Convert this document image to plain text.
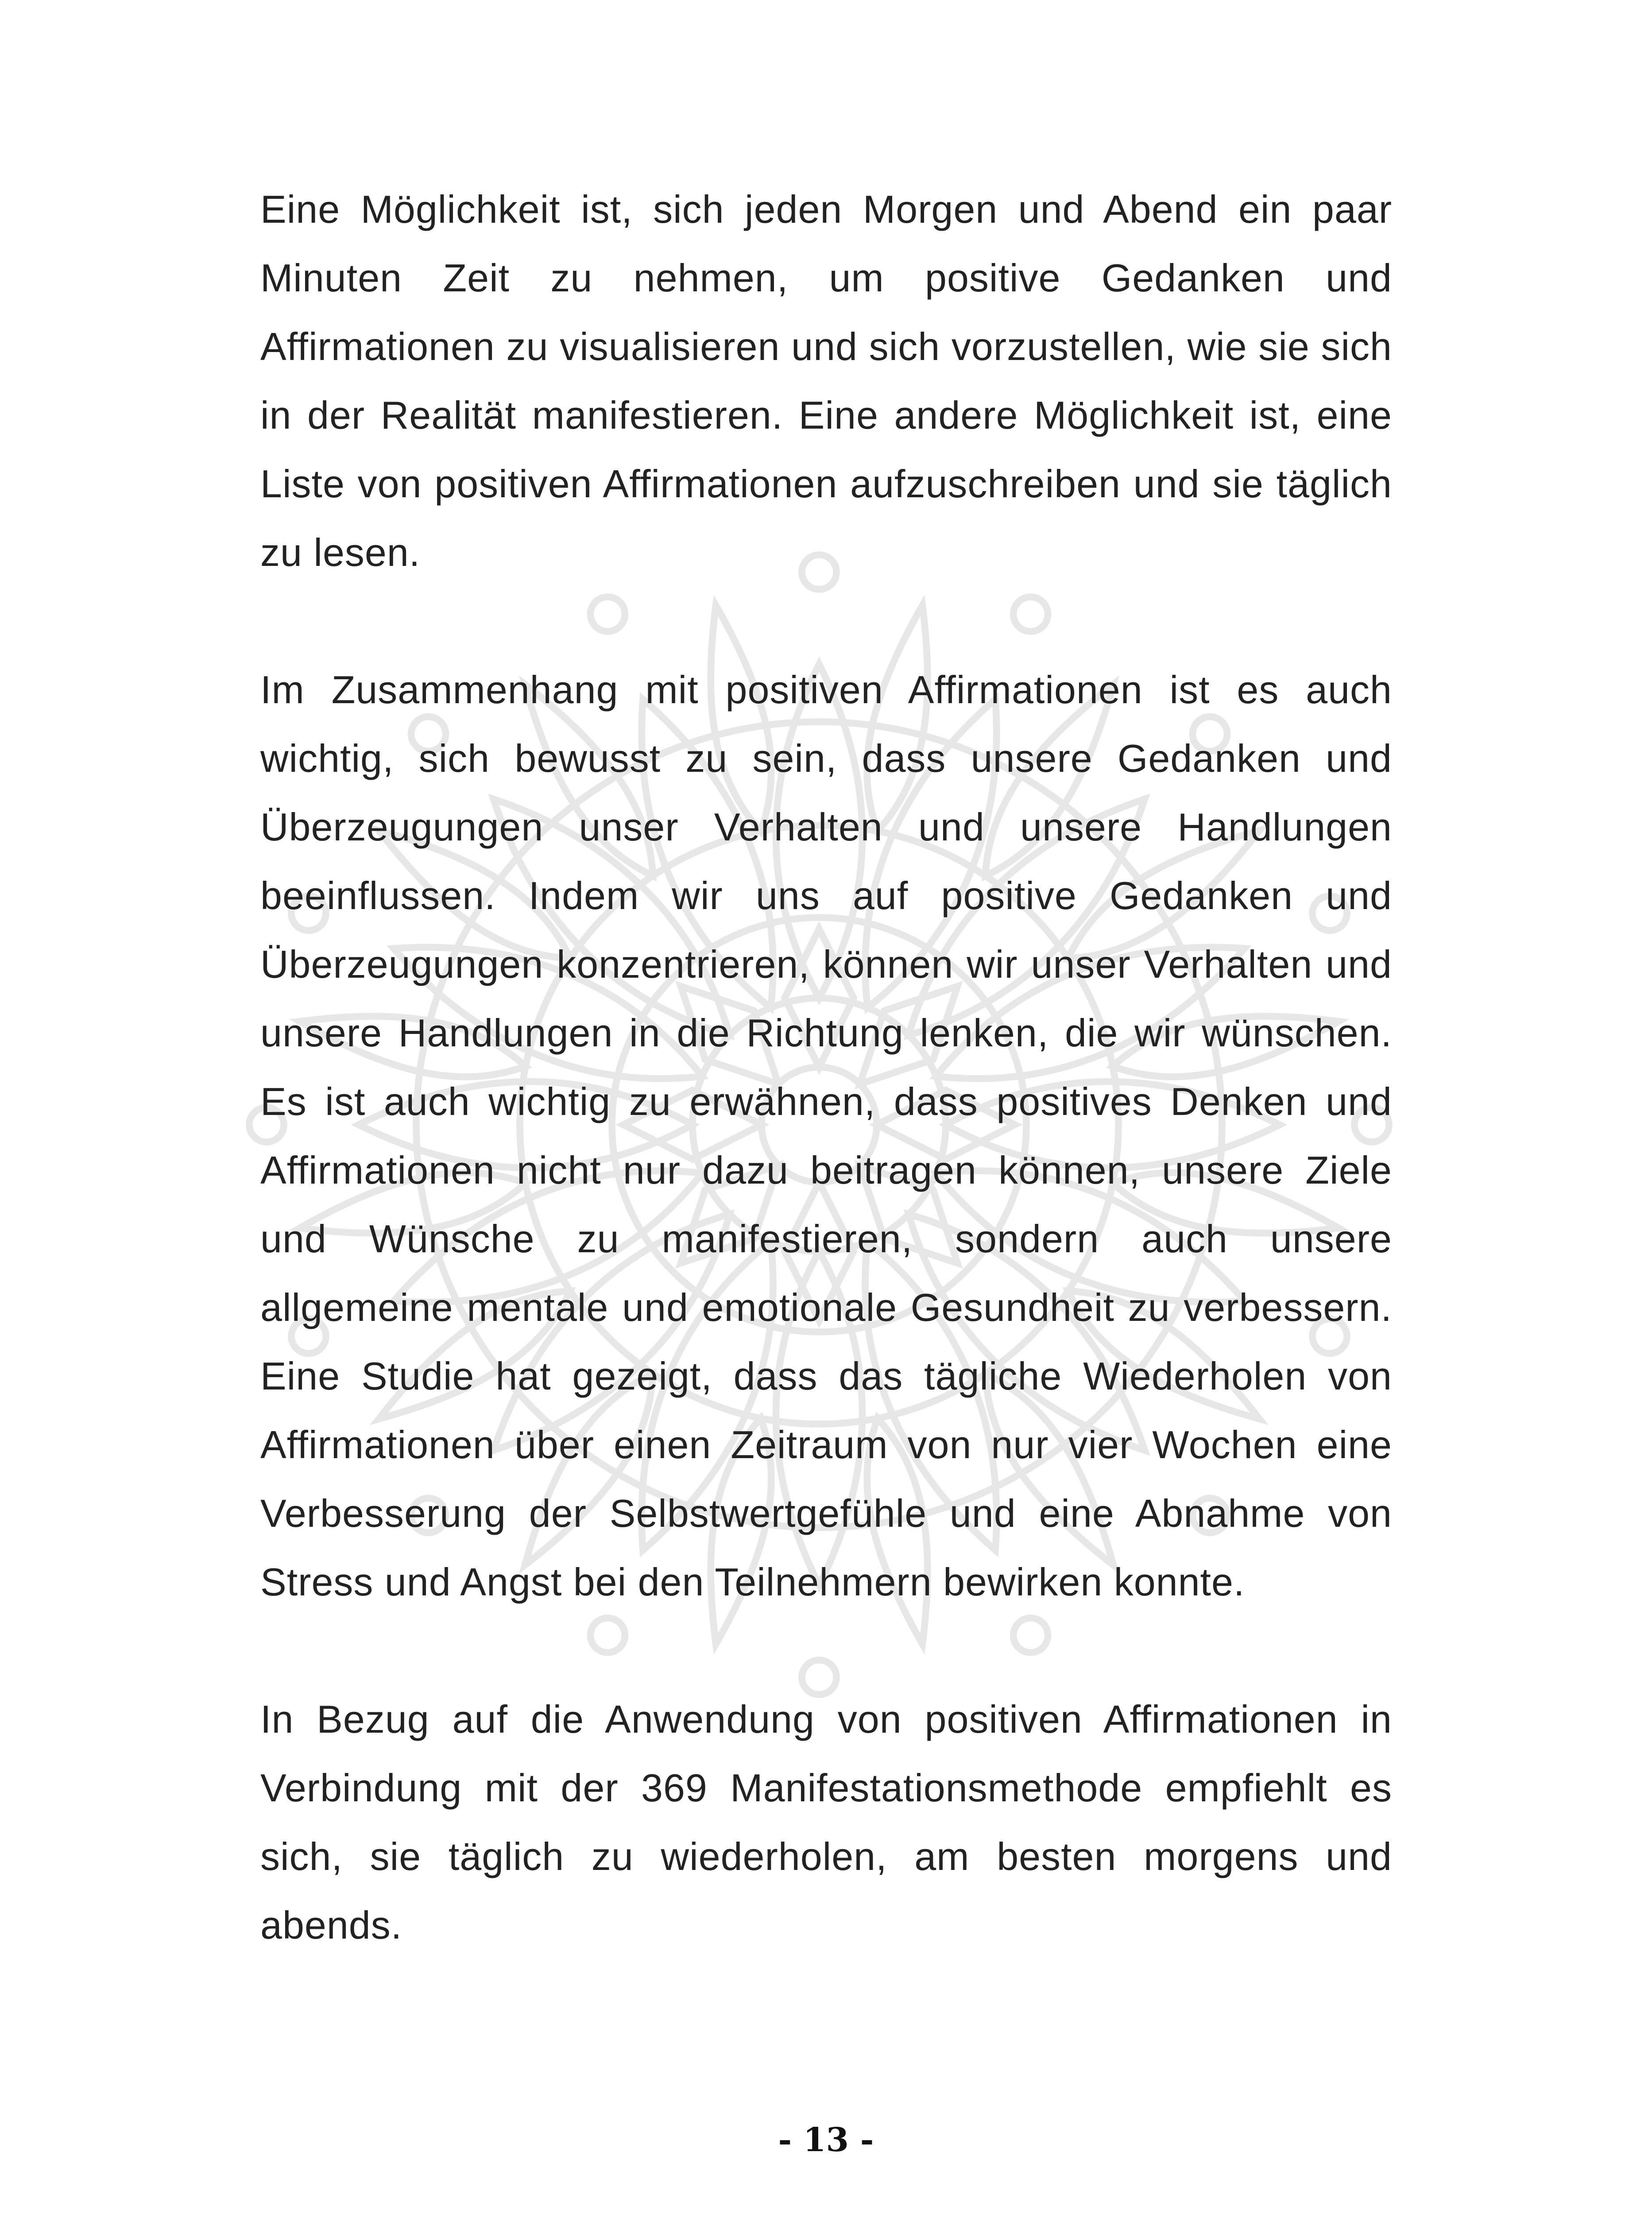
Eine Möglichkeit ist, sich jeden Morgen und Abend ein paar Minuten Zeit zu nehmen, um positive Gedanken und Affirmationen zu visualisieren und sich vorzustellen, wie sie sich in der Realität manifestieren. Eine andere Möglichkeit ist, eine Liste von positiven Affirmationen aufzuschreiben und sie täglich zu lesen.

Im Zusammenhang mit positiven Affirmationen ist es auch wichtig, sich bewusst zu sein, dass unsere Gedanken und Überzeugungen unser Verhalten und unsere Handlungen beeinflussen. Indem wir uns auf positive Gedanken und Überzeugungen konzentrieren, können wir unser Verhalten und unsere Handlungen in die Richtung lenken, die wir wünschen. Es ist auch wichtig zu erwähnen, dass positives Denken und Affirmationen nicht nur dazu beitragen können, unsere Ziele und Wünsche zu manifestieren, sondern auch unsere allgemeine mentale und emotionale Gesundheit zu verbessern. Eine Studie hat gezeigt, dass das tägliche Wiederholen von Affirmationen über einen Zeitraum von nur vier Wochen eine Verbesserung der Selbstwertgefühle und eine Abnahme von Stress und Angst bei den Teilnehmern bewirken konnte.

In Bezug auf die Anwendung von positiven Affirmationen in Verbindung mit der 369 Manifestationsmethode empfiehlt es sich, sie täglich zu wiederholen, am besten morgens und abends.

- 13 -
